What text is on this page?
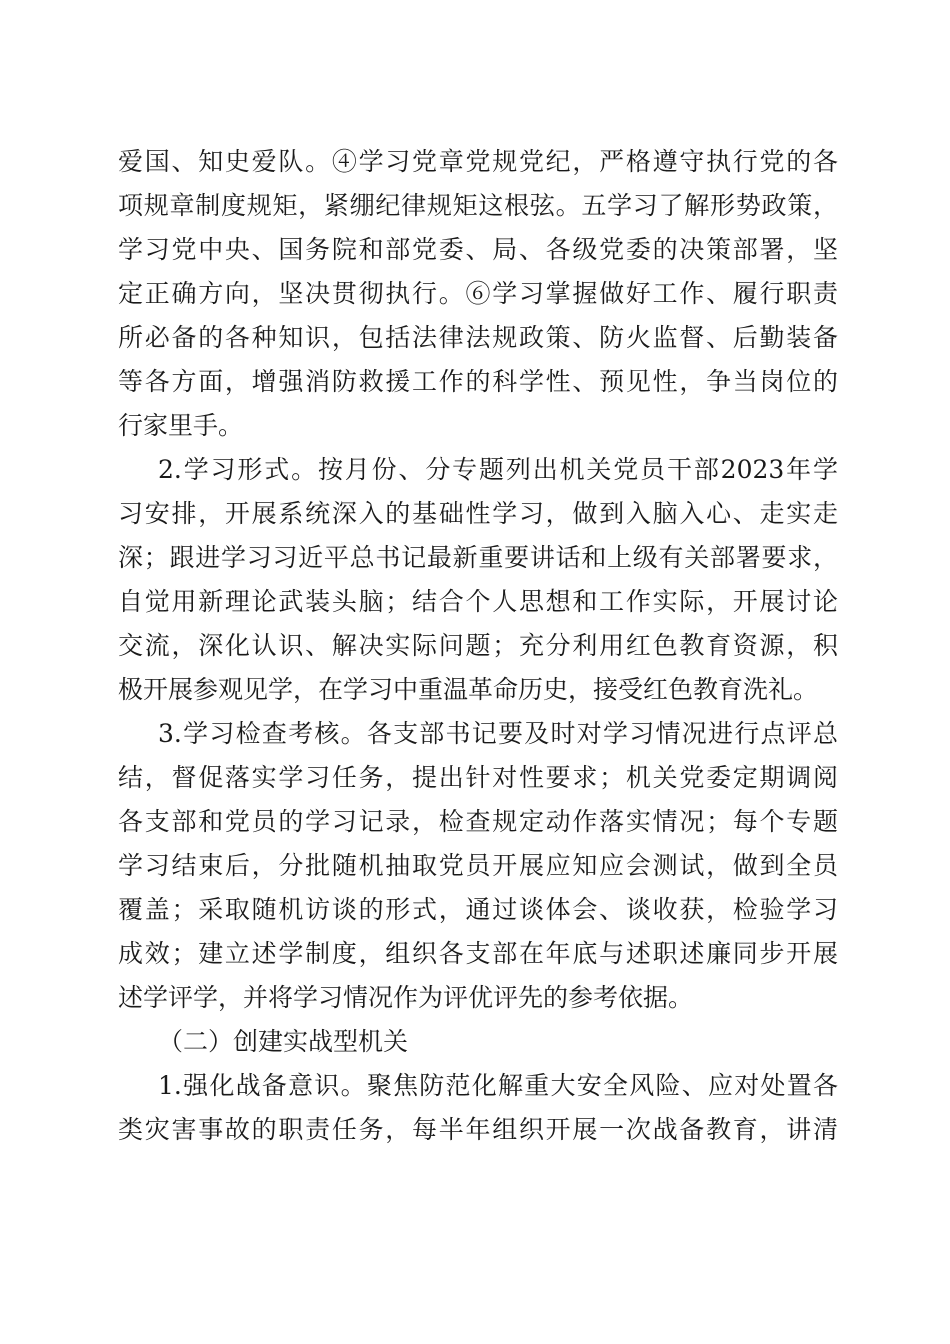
爱国、知史爱队。④学习党章党规党纪，严格遵守执行党的各
项规章制度规矩，紧绷纪律规矩这根弦。五学习了解形势政策，
学习党中央、国务院和部党委、局、各级党委的决策部署，坚
定正确方向，坚决贯彻执行。⑥学习掌握做好工作、履行职责
所必备的各种知识，包括法律法规政策、防火监督、后勤装备
等各方面，增强消防救援工作的科学性、预见性，争当岗位的
行家里手。

2.学习形式。按月份、分专题列出机关党员干部2023年学
习安排，开展系统深入的基础性学习，做到入脑入心、走实走
深；跟进学习习近平总书记最新重要讲话和上级有关部署要求，
自觉用新理论武装头脑；结合个人思想和工作实际，开展讨论
交流，深化认识、解决实际问题；充分利用红色教育资源，积
极开展参观见学，在学习中重温革命历史，接受红色教育洗礼。

3.学习检查考核。各支部书记要及时对学习情况进行点评总
结，督促落实学习任务，提出针对性要求；机关党委定期调阅
各支部和党员的学习记录，检查规定动作落实情况；每个专题
学习结束后，分批随机抽取党员开展应知应会测试，做到全员
覆盖；采取随机访谈的形式，通过谈体会、谈收获，检验学习
成效；建立述学制度，组织各支部在年底与述职述廉同步开展
述学评学，并将学习情况作为评优评先的参考依据。

（二）创建实战型机关

1.强化战备意识。聚焦防范化解重大安全风险、应对处置各
类灾害事故的职责任务，每半年组织开展一次战备教育，讲清
